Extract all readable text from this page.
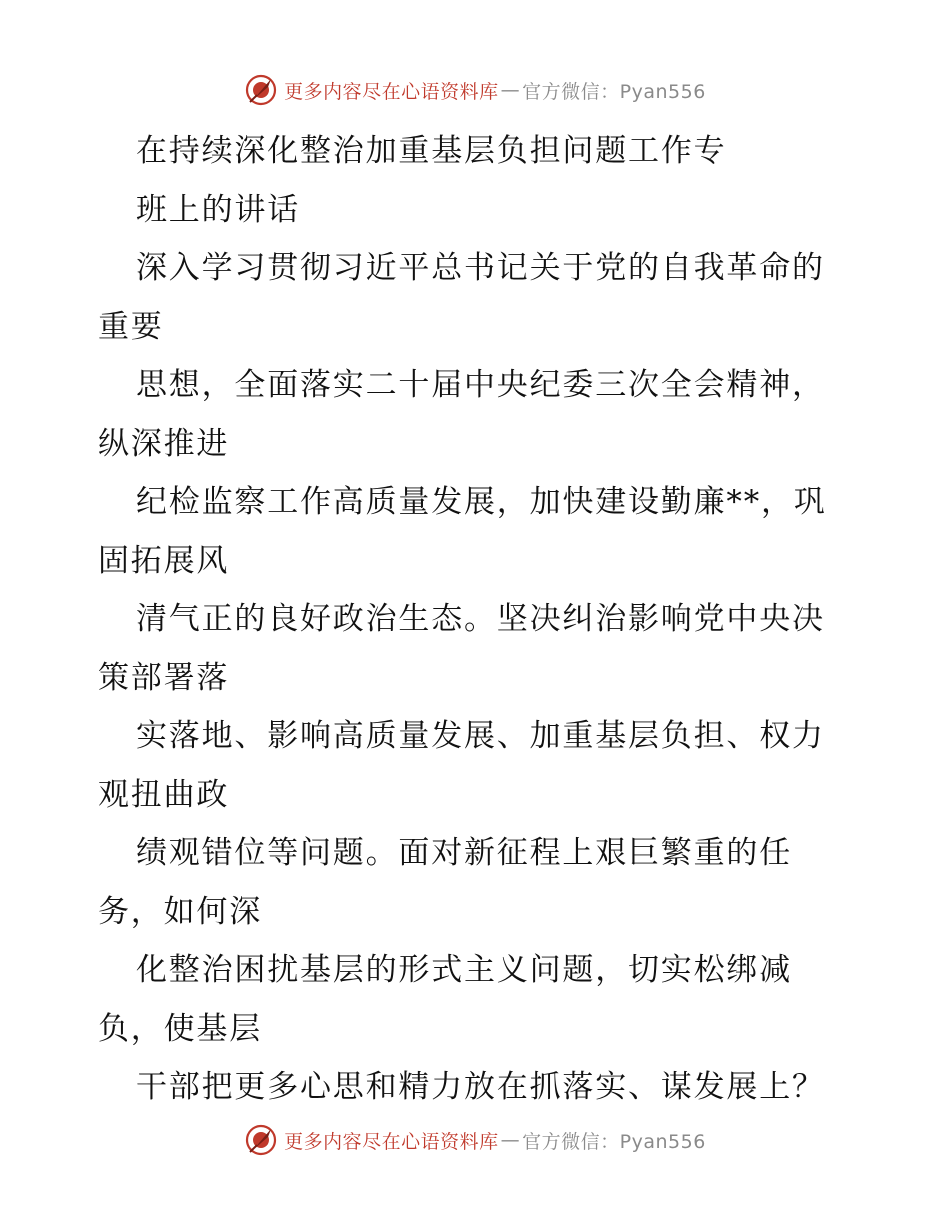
更多内容尽在心语资料库 — 官方微信：Pyan556
在持续深化整治加重基层负担问题工作专
班上的讲话
深入学习贯彻习近平总书记关于党的自我革命的
重要
思想，全面落实二十届中央纪委三次全会精神，
纵深推进
纪检监察工作高质量发展，加快建设勤廉**，巩
固拓展风
清气正的良好政治生态。坚决纠治影响党中央决
策部署落
实落地、影响高质量发展、加重基层负担、权力
观扭曲政
绩观错位等问题。面对新征程上艰巨繁重的任
务，如何深
化整治困扰基层的形式主义问题，切实松绑减
负，使基层
干部把更多心思和精力放在抓落实、谋发展上？
更多内容尽在心语资料库 — 官方微信：Pyan556
